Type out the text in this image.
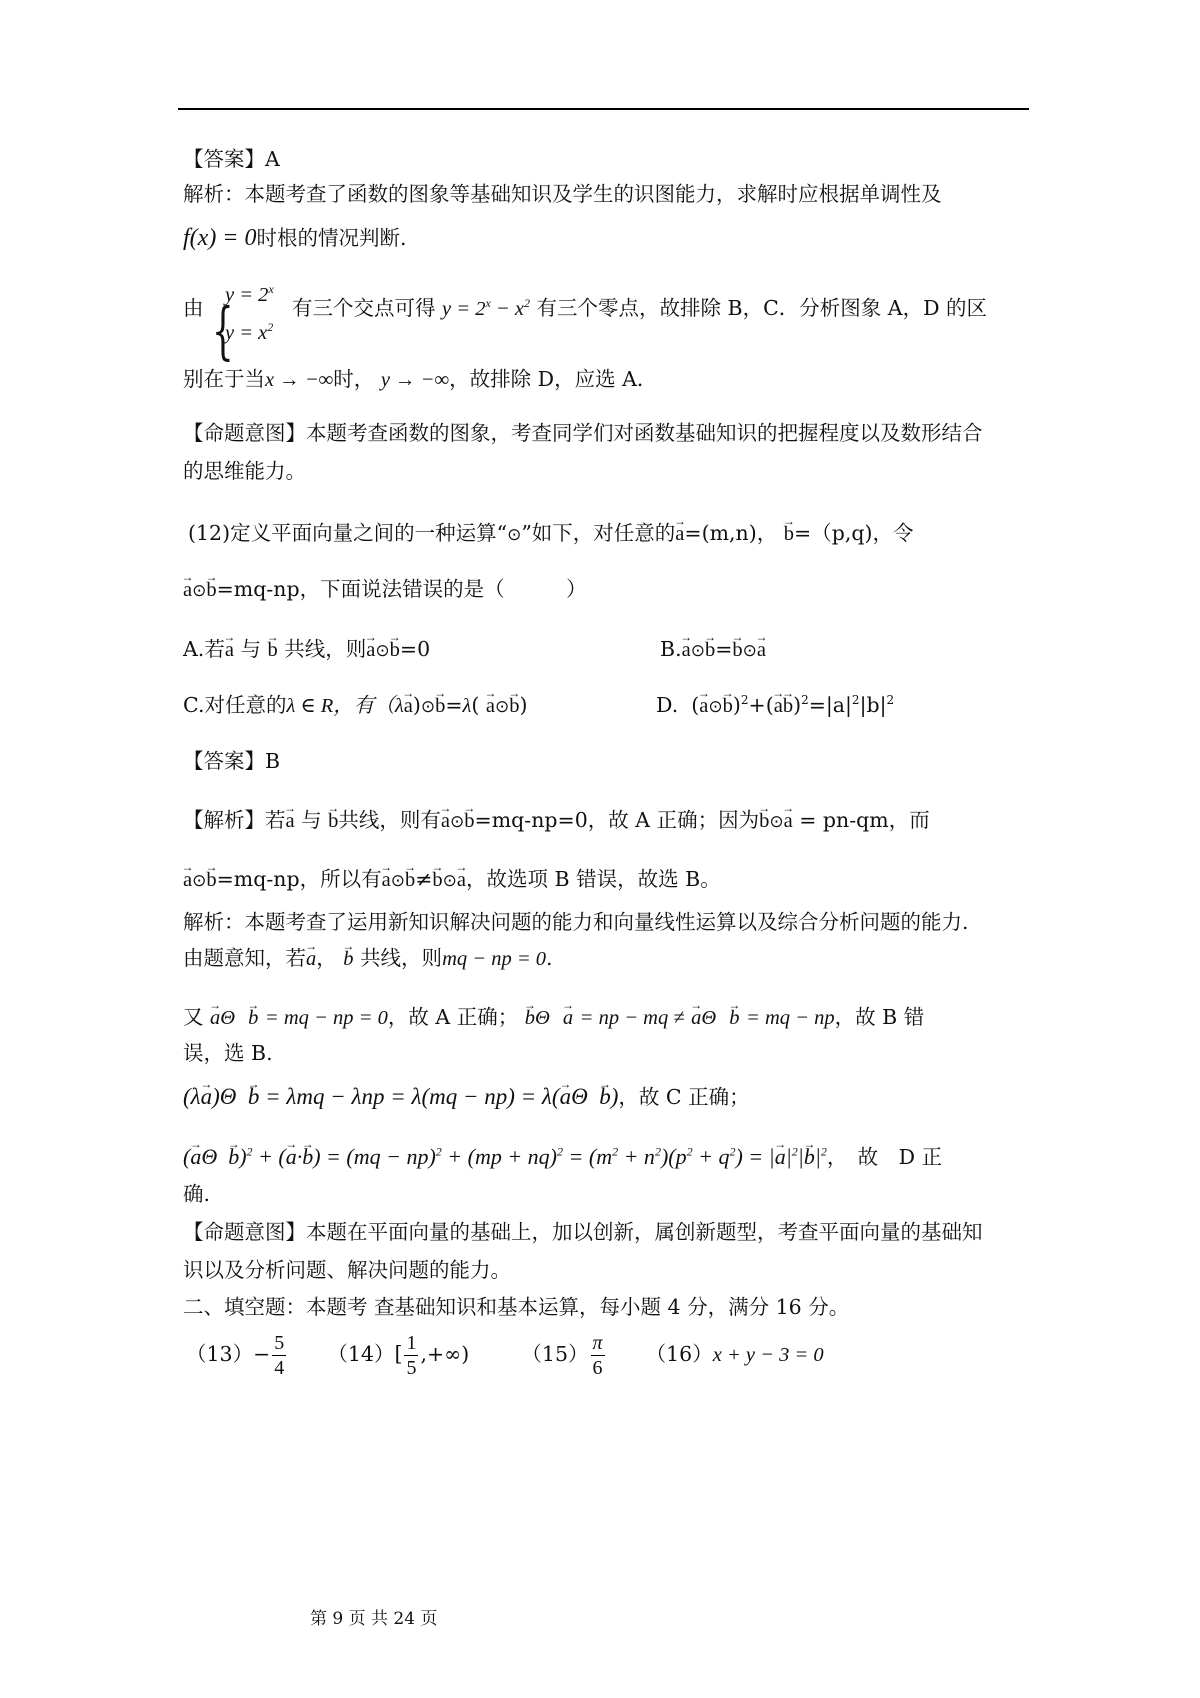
【答案】A
解析：本题考查了函数的图象等基础知识及学生的识图能力，求解时应根据单调性及
f(x) = 0时根的情况判断.
由 {
$y = 2^x$
$y = x^2$
有三个交点可得 $y = 2^x - x^2$ 有三个零点，故排除 B，C．分析图象 A，D 的区
别在于当x → −∞时， y → −∞，故排除 D，应选 A．
【命题意图】本题考查函数的图象，考查同学们对函数基础知识的把握程度以及数形结合
的思维能力。
(12)定义平面向量之间的一种运算“⊙”如下，对任意的→ a=(m,n)， → b=（p,q)，令
→ a⊙→ b=mq-np，下面说法错误的是（　　　）
A.若→ a 与 → b 共线，则→ a⊙→ b=0	B.→ a⊙→ b=→ b⊙→ a
C.对任意的λ ∈ R，有（λ→ a)⊙→ b=λ( → a⊙→ b)	D.  (→ a⊙→ $b)^2+(\to a\to b)^2=|a|^2|b|^2$
【答案】B
【解析】若→ a 与 → b共线，则有→ a⊙→ b=mq-np=0，故 A 正确；因为→ b⊙→ a = pn-qm，而
→ a⊙→ b=mq-np，所以有→ a⊙→ b≠→ b⊙→ a，故选项 B 错误，故选 B。
解析：本题考查了运用新知识解决问题的能力和向量线性运算以及综合分析问题的能力.
由题意知，若→ a， → b 共线，则mq − np = 0.
又 → aΘ → b = mq − np = 0，故 A 正确； → bΘ → a = np − mq ≠ → aΘ → b = mq − np，故 B 错
误，选 B.
(λ→ a)Θ  → b = λmq − λnp = λ(mq − np) = λ(→ aΘ  → b)，故 C 正确；
(→ aΘ  → b)$^2$ + (→ $a\cdot\to b) = (mq - np)^2 + (mp + nq)^2 = (m^2 + n^2)(p^2 + q^2)$ = |→ $a|^2|\to b|^2$，　故　D 正
确.
【命题意图】本题在平面向量的基础上，加以创新，属创新题型，考查平面向量的基础知
识以及分析问题、解决问题的能力。
二、填空题：本题考 查基础知识和基本运算，每小题 4 分，满分 16 分。
$(13)- \frac{5}{4} (14)[ \frac{1}{5}$ ,+∞)	$(15) \frac{\pi}{6} (16)x + y - 3 = 0$
第 9 页 共 24 页
